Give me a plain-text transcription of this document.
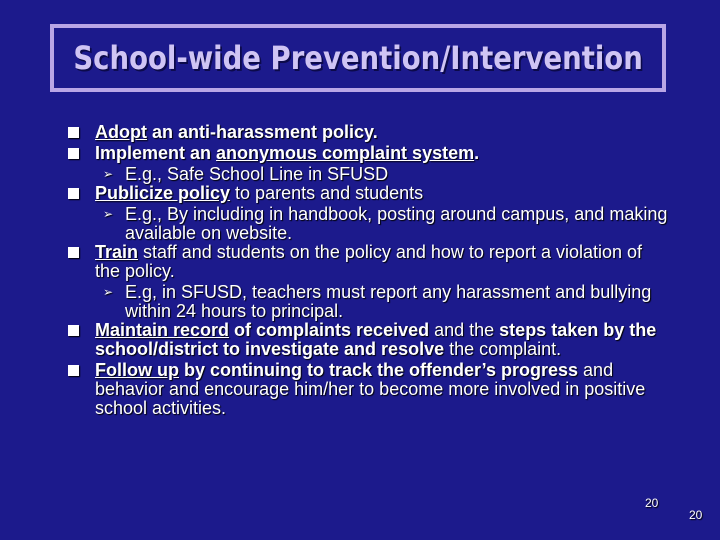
School-wide Prevention/Intervention

Adopt an anti-harassment policy.

Implement an anonymous complaint system.

➢ E.g., Safe School Line in SFUSD

Publicize policy to parents and students

➢ E.g., By including in handbook, posting around campus, and making available on website.

Train staff and students on the policy and how to report a violation of the policy.

➢ E.g, in SFUSD, teachers must report any harassment and bullying within 24 hours to principal.

Maintain record of complaints received and the steps taken by the school/district to investigate and resolve the complaint.

Follow up by continuing to track the offender’s progress and behavior and encourage him/her to become more involved in positive school activities.

20
20
